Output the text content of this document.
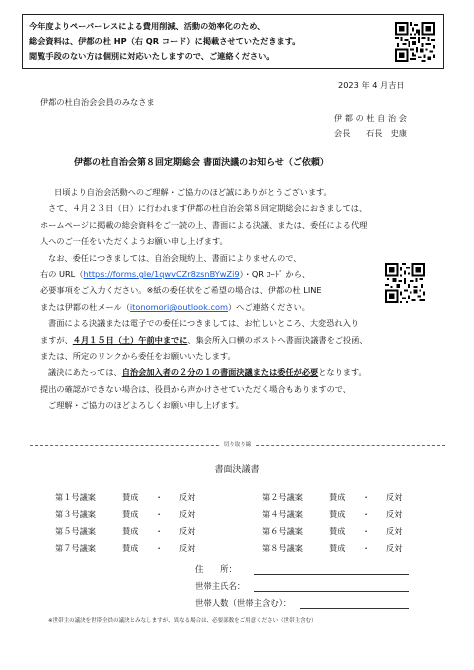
今年度よりペーパーレスによる費用削減、活動の効率化のため、

総会資料は、伊都の杜 HP（右 QR コード）に掲載させていただきます。

閲覧手段のない方は個別に対応いたしますので、ご連絡ください。

2023 年 4 月吉日
伊都の杜自治会会員のみなさま
伊 都 の 杜 自 治 会
会長 石長　史康
伊都の杜自治会第８回定期総会 書面決議のお知らせ（ご依頼）

日頃より自治会活動へのご理解・ご協力のほど誠にありがとうございます。

さて、４月２３日（日）に行われます伊都の杜自治会第８回定期総会におきましては、

ホームページに掲載の総会資料をご一読の上、書面による決議、または、委任による代理

人へのご一任をいただくようお願い申し上げます。

なお、委任につきましては、自治会規約上、書面によりませんので、

右の URL（https://forms.gle/1qwvCZr8zsnBYwZi9）・QR ｺｰﾄﾞ から、

必要事項をご入力ください。※紙の委任状をご希望の場合は、伊都の杜 LINE

または伊都の杜メール（itonomori@outlook.com）へご連絡ください。

書面による決議または電子での委任につきましては、お忙しいところ、大変恐れ入り

ますが、４月１５日（土）午前中までに、集会所入口横のポストへ書面決議書をご投函、

または、所定のリンクから委任をお願いいたします。

議決にあたっては、自治会加入者の２分の１の書面決議または委任が必要となります。

提出の確認ができない場合は、役員から声かけさせていただく場合もありますので、

ご理解・ご協力のほどよろしくお願い申し上げます。

切り取り線
書面決議書
第１号議案	賛成 ・ 反対	第２号議案	賛成 ・ 反対
第３号議案	賛成 ・ 反対	第４号議案	賛成 ・ 反対
第５号議案	賛成 ・ 反対	第６号議案	賛成 ・ 反対
第７号議案	賛成 ・ 反対	第８号議案	賛成 ・ 反対
住　　所：
世帯主氏名：
世帯人数（世帯主含む）：
※世帯主の議決を世帯全員の議決とみなしますが、異なる場合は、必要部数をご用意ください（世帯主含む）
